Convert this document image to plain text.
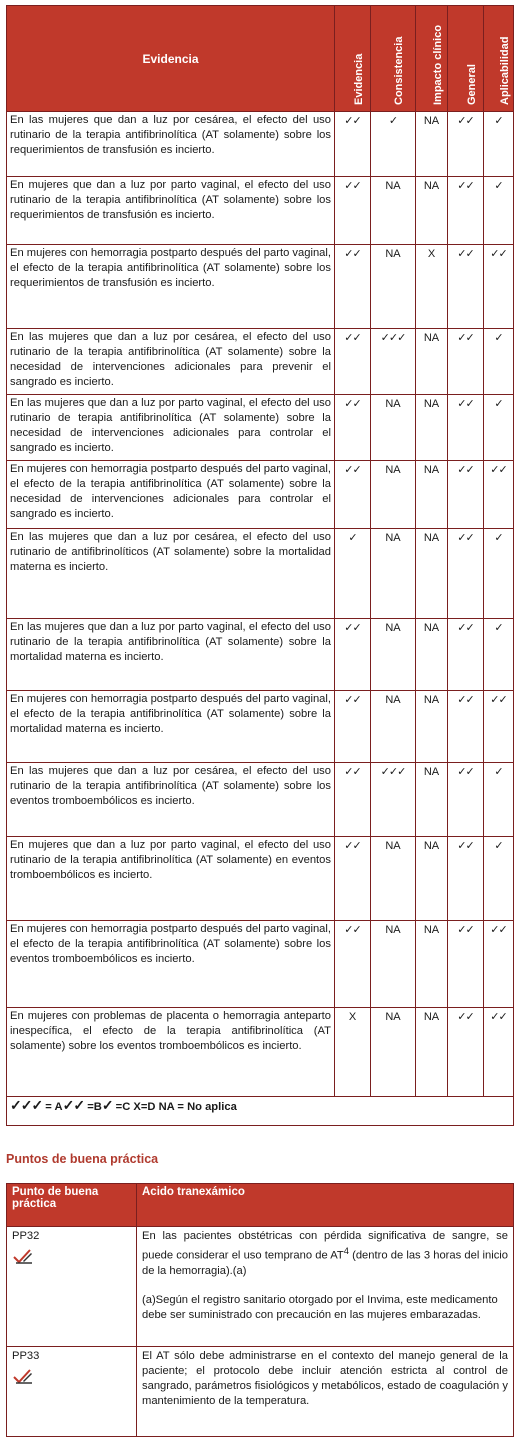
Evidencia	Evidencia	Consistencia	Impacto clínico	General	Aplicabilidad

En las mujeres que dan a luz por cesárea, el efecto del uso rutinario de la terapia antifibrinolítica (AT solamente) sobre los requerimientos de transfusión es incierto.	✓✓	✓	NA	✓✓	✓
En mujeres que dan a luz por parto vaginal, el efecto del uso rutinario de la terapia antifibrinolítica (AT solamente) sobre los requerimientos de transfusión es incierto.	✓✓	NA	NA	✓✓	✓
En mujeres con hemorragia postparto después del parto vaginal, el efecto de la terapia antifibrinolítica (AT solamente) sobre los requerimientos de transfusión es incierto.	✓✓	NA	X	✓✓	✓✓
En las mujeres que dan a luz por cesárea, el efecto del uso rutinario de la terapia antifibrinolítica (AT solamente) sobre la necesidad de intervenciones adicionales para prevenir el sangrado es incierto.	✓✓	✓✓✓	NA	✓✓	✓
En las mujeres que dan a luz por parto vaginal, el efecto del uso rutinario de terapia antifibrinolítica (AT solamente) sobre la necesidad de intervenciones adicionales para controlar el sangrado es incierto.	✓✓	NA	NA	✓✓	✓
En mujeres con hemorragia postparto después del parto vaginal, el efecto de la terapia antifibrinolítica (AT solamente) sobre la necesidad de intervenciones adicionales para controlar el sangrado es incierto.	✓✓	NA	NA	✓✓	✓✓
En las mujeres que dan a luz por cesárea, el efecto del uso rutinario de antifibrinolíticos (AT solamente) sobre la mortalidad materna es incierto.	✓	NA	NA	✓✓	✓
En las mujeres que dan a luz por parto vaginal, el efecto del uso rutinario de la terapia antifibrinolítica (AT solamente) sobre la mortalidad materna es incierto.	✓✓	NA	NA	✓✓	✓
En mujeres con hemorragia postparto después del parto vaginal, el efecto de la terapia antifibrinolítica (AT solamente) sobre la mortalidad materna es incierto.	✓✓	NA	NA	✓✓	✓✓
En las mujeres que dan a luz por cesárea, el efecto del uso rutinario de la terapia antifibrinolítica (AT solamente) sobre los eventos tromboembólicos es incierto.	✓✓	✓✓✓	NA	✓✓	✓
En mujeres que dan a luz por parto vaginal, el efecto del uso rutinario de la terapia antifibrinolítica (AT solamente) en eventos tromboembólicos es incierto.	✓✓	NA	NA	✓✓	✓
En mujeres con hemorragia postparto después del parto vaginal, el efecto de la terapia antifibrinolítica (AT solamente) sobre los eventos tromboembólicos es incierto.	✓✓	NA	NA	✓✓	✓✓
En mujeres con problemas de placenta o hemorragia anteparto inespecífica, el efecto de la terapia antifibrinolítica (AT solamente) sobre los eventos tromboembólicos es incierto.	X	NA	NA	✓✓	✓✓
✓✓✓ = A✓✓ =B✓ =C X=D NA = No aplica					
Puntos de buena práctica
Punto de buena práctica	Acido tranexámico
PP32	En las pacientes obstétricas con pérdida significativa de sangre, se puede considerar el uso temprano de $AT^4$ (dentro de las 3 horas del inicio de la hemorragia).(a)
(a)Según el registro sanitario otorgado por el Invima, este medicamento debe ser suministrado con precaución en las mujeres embarazadas.

PP33	El AT sólo debe administrarse en el contexto del manejo general de la paciente; el protocolo debe incluir atención estricta al control de sangrado, parámetros fisiológicos y metabólicos, estado de coagulación y mantenimiento de la temperatura.
